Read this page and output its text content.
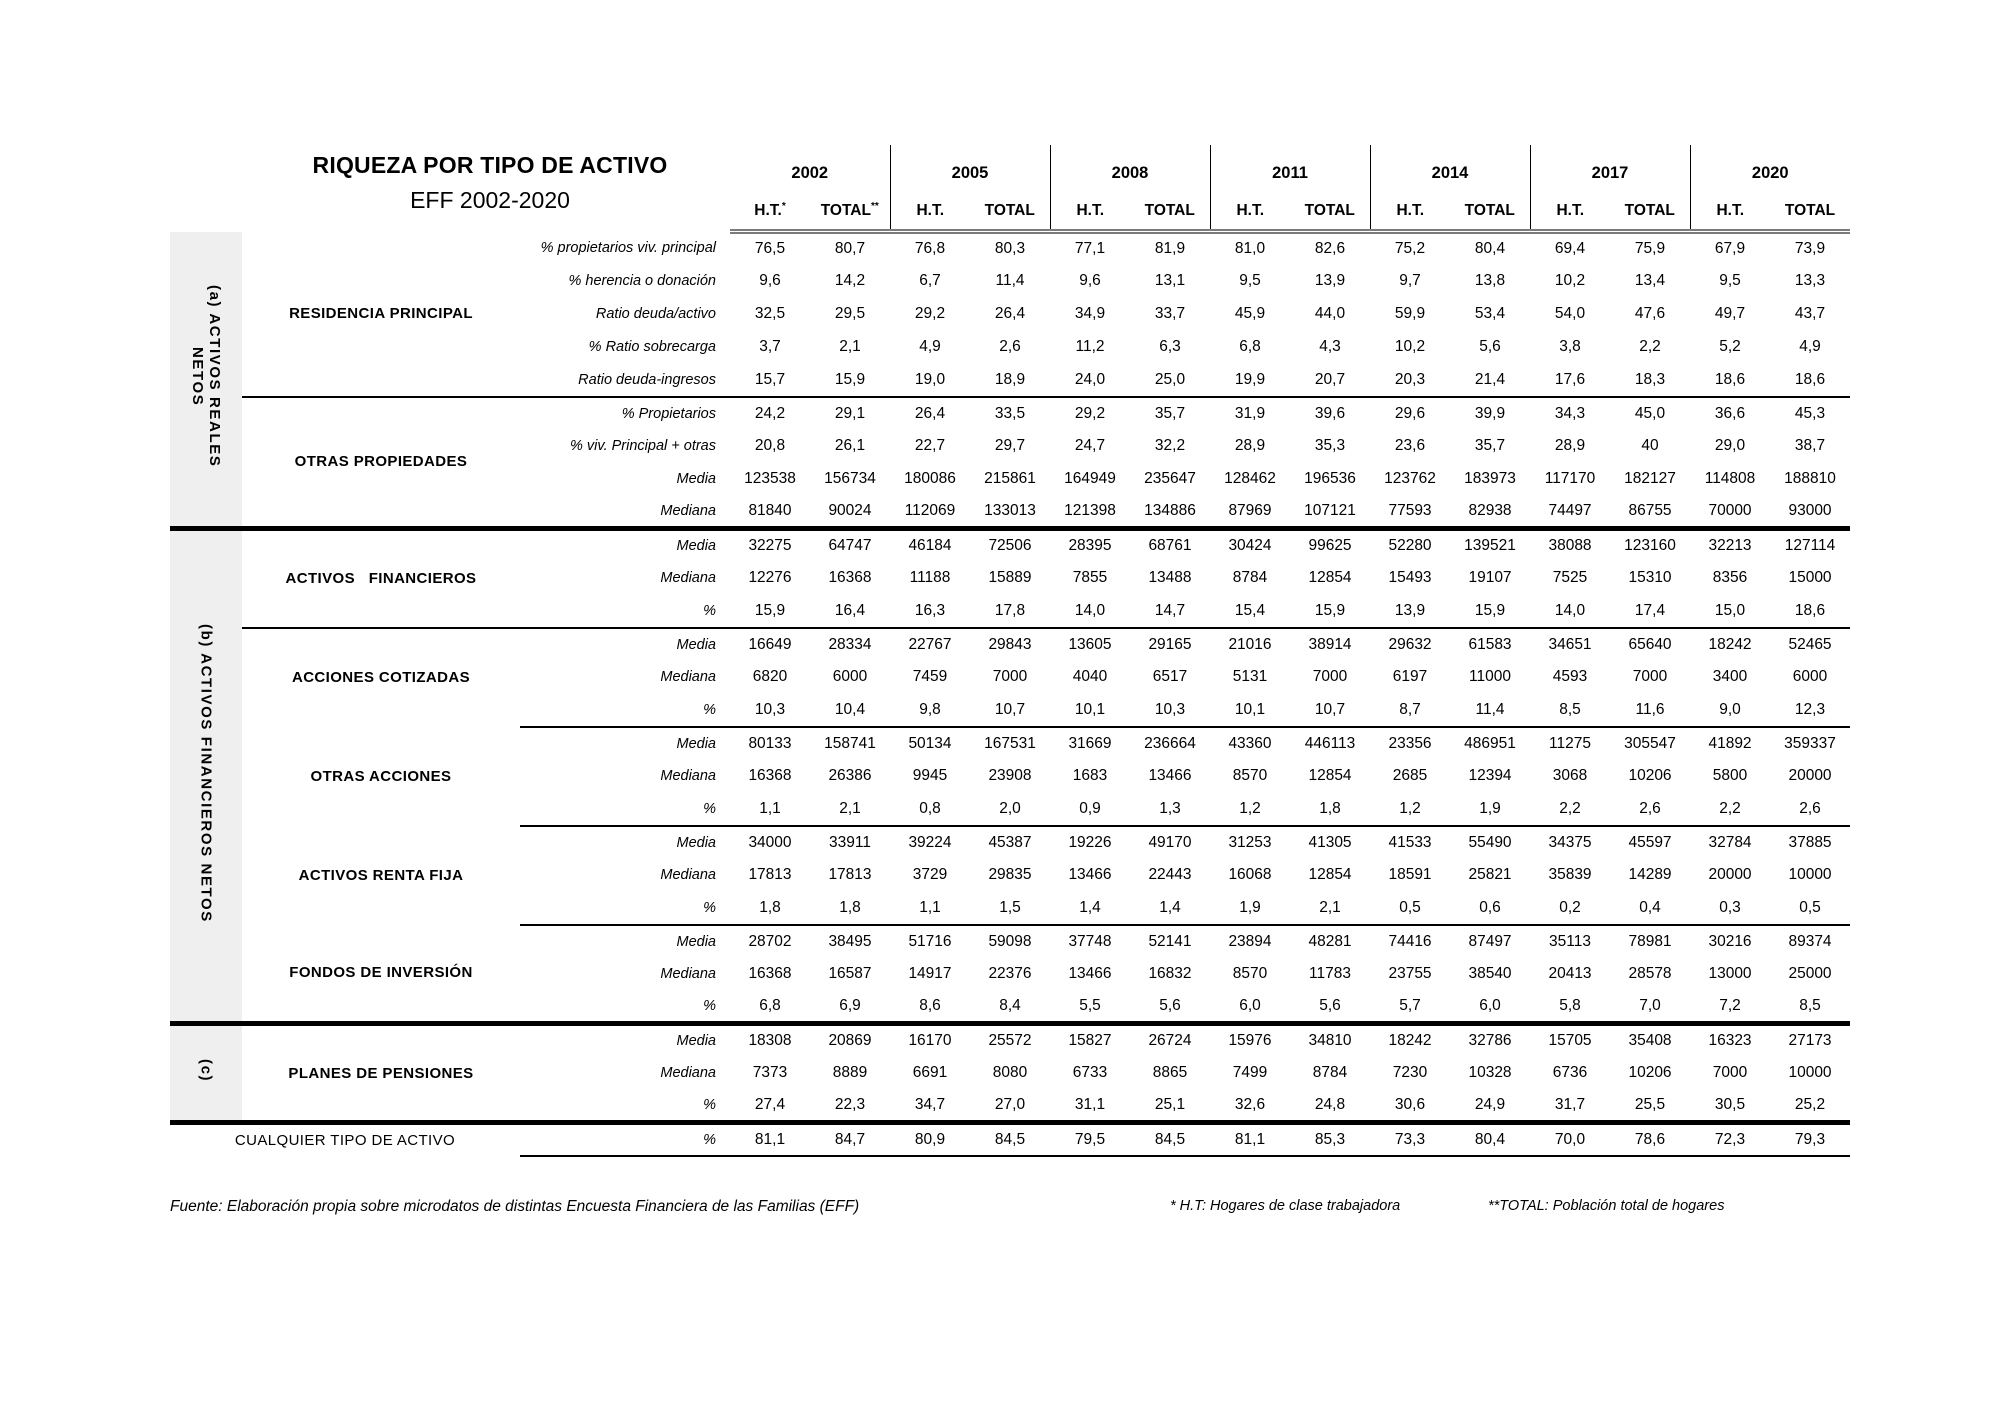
RIQUEZA POR TIPO DE ACTIVO
EFF 2002-2020
			2002		2005		2008		2011		2014		2017		2020	
			H.T.*	TOTAL**	H.T.	TOTAL	H.T.	TOTAL	H.T.	TOTAL	H.T.	TOTAL	H.T.	TOTAL	H.T.	TOTAL
(a) ACTIVOS REALES NETOS	RESIDENCIA PRINCIPAL	% propietarios viv. principal	76,5	80,7	76,8	80,3	77,1	81,9	81,0	82,6	75,2	80,4	69,4	75,9	67,9	73,9
		% herencia o donación	9,6	14,2	6,7	11,4	9,6	13,1	9,5	13,9	9,7	13,8	10,2	13,4	9,5	13,3
		Ratio deuda/activo	32,5	29,5	29,2	26,4	34,9	33,7	45,9	44,0	59,9	53,4	54,0	47,6	49,7	43,7
		% Ratio sobrecarga	3,7	2,1	4,9	2,6	11,2	6,3	6,8	4,3	10,2	5,6	3,8	2,2	5,2	4,9
		Ratio deuda-ingresos	15,7	15,9	19,0	18,9	24,0	25,0	19,9	20,7	20,3	21,4	17,6	18,3	18,6	18,6
	OTRAS PROPIEDADES	% Propietarios	24,2	29,1	26,4	33,5	29,2	35,7	31,9	39,6	29,6	39,9	34,3	45,0	36,6	45,3
		% viv. Principal + otras	20,8	26,1	22,7	29,7	24,7	32,2	28,9	35,3	23,6	35,7	28,9	40	29,0	38,7
		Media	123538	156734	180086	215861	164949	235647	128462	196536	123762	183973	117170	182127	114808	188810
		Mediana	81840	90024	112069	133013	121398	134886	87969	107121	77593	82938	74497	86755	70000	93000
(b) ACTIVOS FINANCIEROS NETOS	ACTIVOS   FINANCIEROS	Media	32275	64747	46184	72506	28395	68761	30424	99625	52280	139521	38088	123160	32213	127114
		Mediana	12276	16368	11188	15889	7855	13488	8784	12854	15493	19107	7525	15310	8356	15000
		%	15,9	16,4	16,3	17,8	14,0	14,7	15,4	15,9	13,9	15,9	14,0	17,4	15,0	18,6
	ACCIONES COTIZADAS	Media	16649	28334	22767	29843	13605	29165	21016	38914	29632	61583	34651	65640	18242	52465
		Mediana	6820	6000	7459	7000	4040	6517	5131	7000	6197	11000	4593	7000	3400	6000
		%	10,3	10,4	9,8	10,7	10,1	10,3	10,1	10,7	8,7	11,4	8,5	11,6	9,0	12,3
	OTRAS ACCIONES	Media	80133	158741	50134	167531	31669	236664	43360	446113	23356	486951	11275	305547	41892	359337
		Mediana	16368	26386	9945	23908	1683	13466	8570	12854	2685	12394	3068	10206	5800	20000
		%	1,1	2,1	0,8	2,0	0,9	1,3	1,2	1,8	1,2	1,9	2,2	2,6	2,2	2,6
	ACTIVOS RENTA FIJA	Media	34000	33911	39224	45387	19226	49170	31253	41305	41533	55490	34375	45597	32784	37885
		Mediana	17813	17813	3729	29835	13466	22443	16068	12854	18591	25821	35839	14289	20000	10000
		%	1,8	1,8	1,1	1,5	1,4	1,4	1,9	2,1	0,5	0,6	0,2	0,4	0,3	0,5
	FONDOS DE INVERSIÓN	Media	28702	38495	51716	59098	37748	52141	23894	48281	74416	87497	35113	78981	30216	89374
		Mediana	16368	16587	14917	22376	13466	16832	8570	11783	23755	38540	20413	28578	13000	25000
		%	6,8	6,9	8,6	8,4	5,5	5,6	6,0	5,6	5,7	6,0	5,8	7,0	7,2	8,5
(c)	PLANES DE PENSIONES	Media	18308	20869	16170	25572	15827	26724	15976	34810	18242	32786	15705	35408	16323	27173
		Mediana	7373	8889	6691	8080	6733	8865	7499	8784	7230	10328	6736	10206	7000	10000
		%	27,4	22,3	34,7	27,0	31,1	25,1	32,6	24,8	30,6	24,9	31,7	25,5	30,5	25,2
CUALQUIER TIPO DE ACTIVO		%	81,1	84,7	80,9	84,5	79,5	84,5	81,1	85,3	73,3	80,4	70,0	78,6	72,3	79,3
Fuente: Elaboración propia sobre microdatos de distintas Encuesta Financiera de las Familias (EFF)	* H.T: Hogares de clase trabajadora	**TOTAL: Población total de hogares
